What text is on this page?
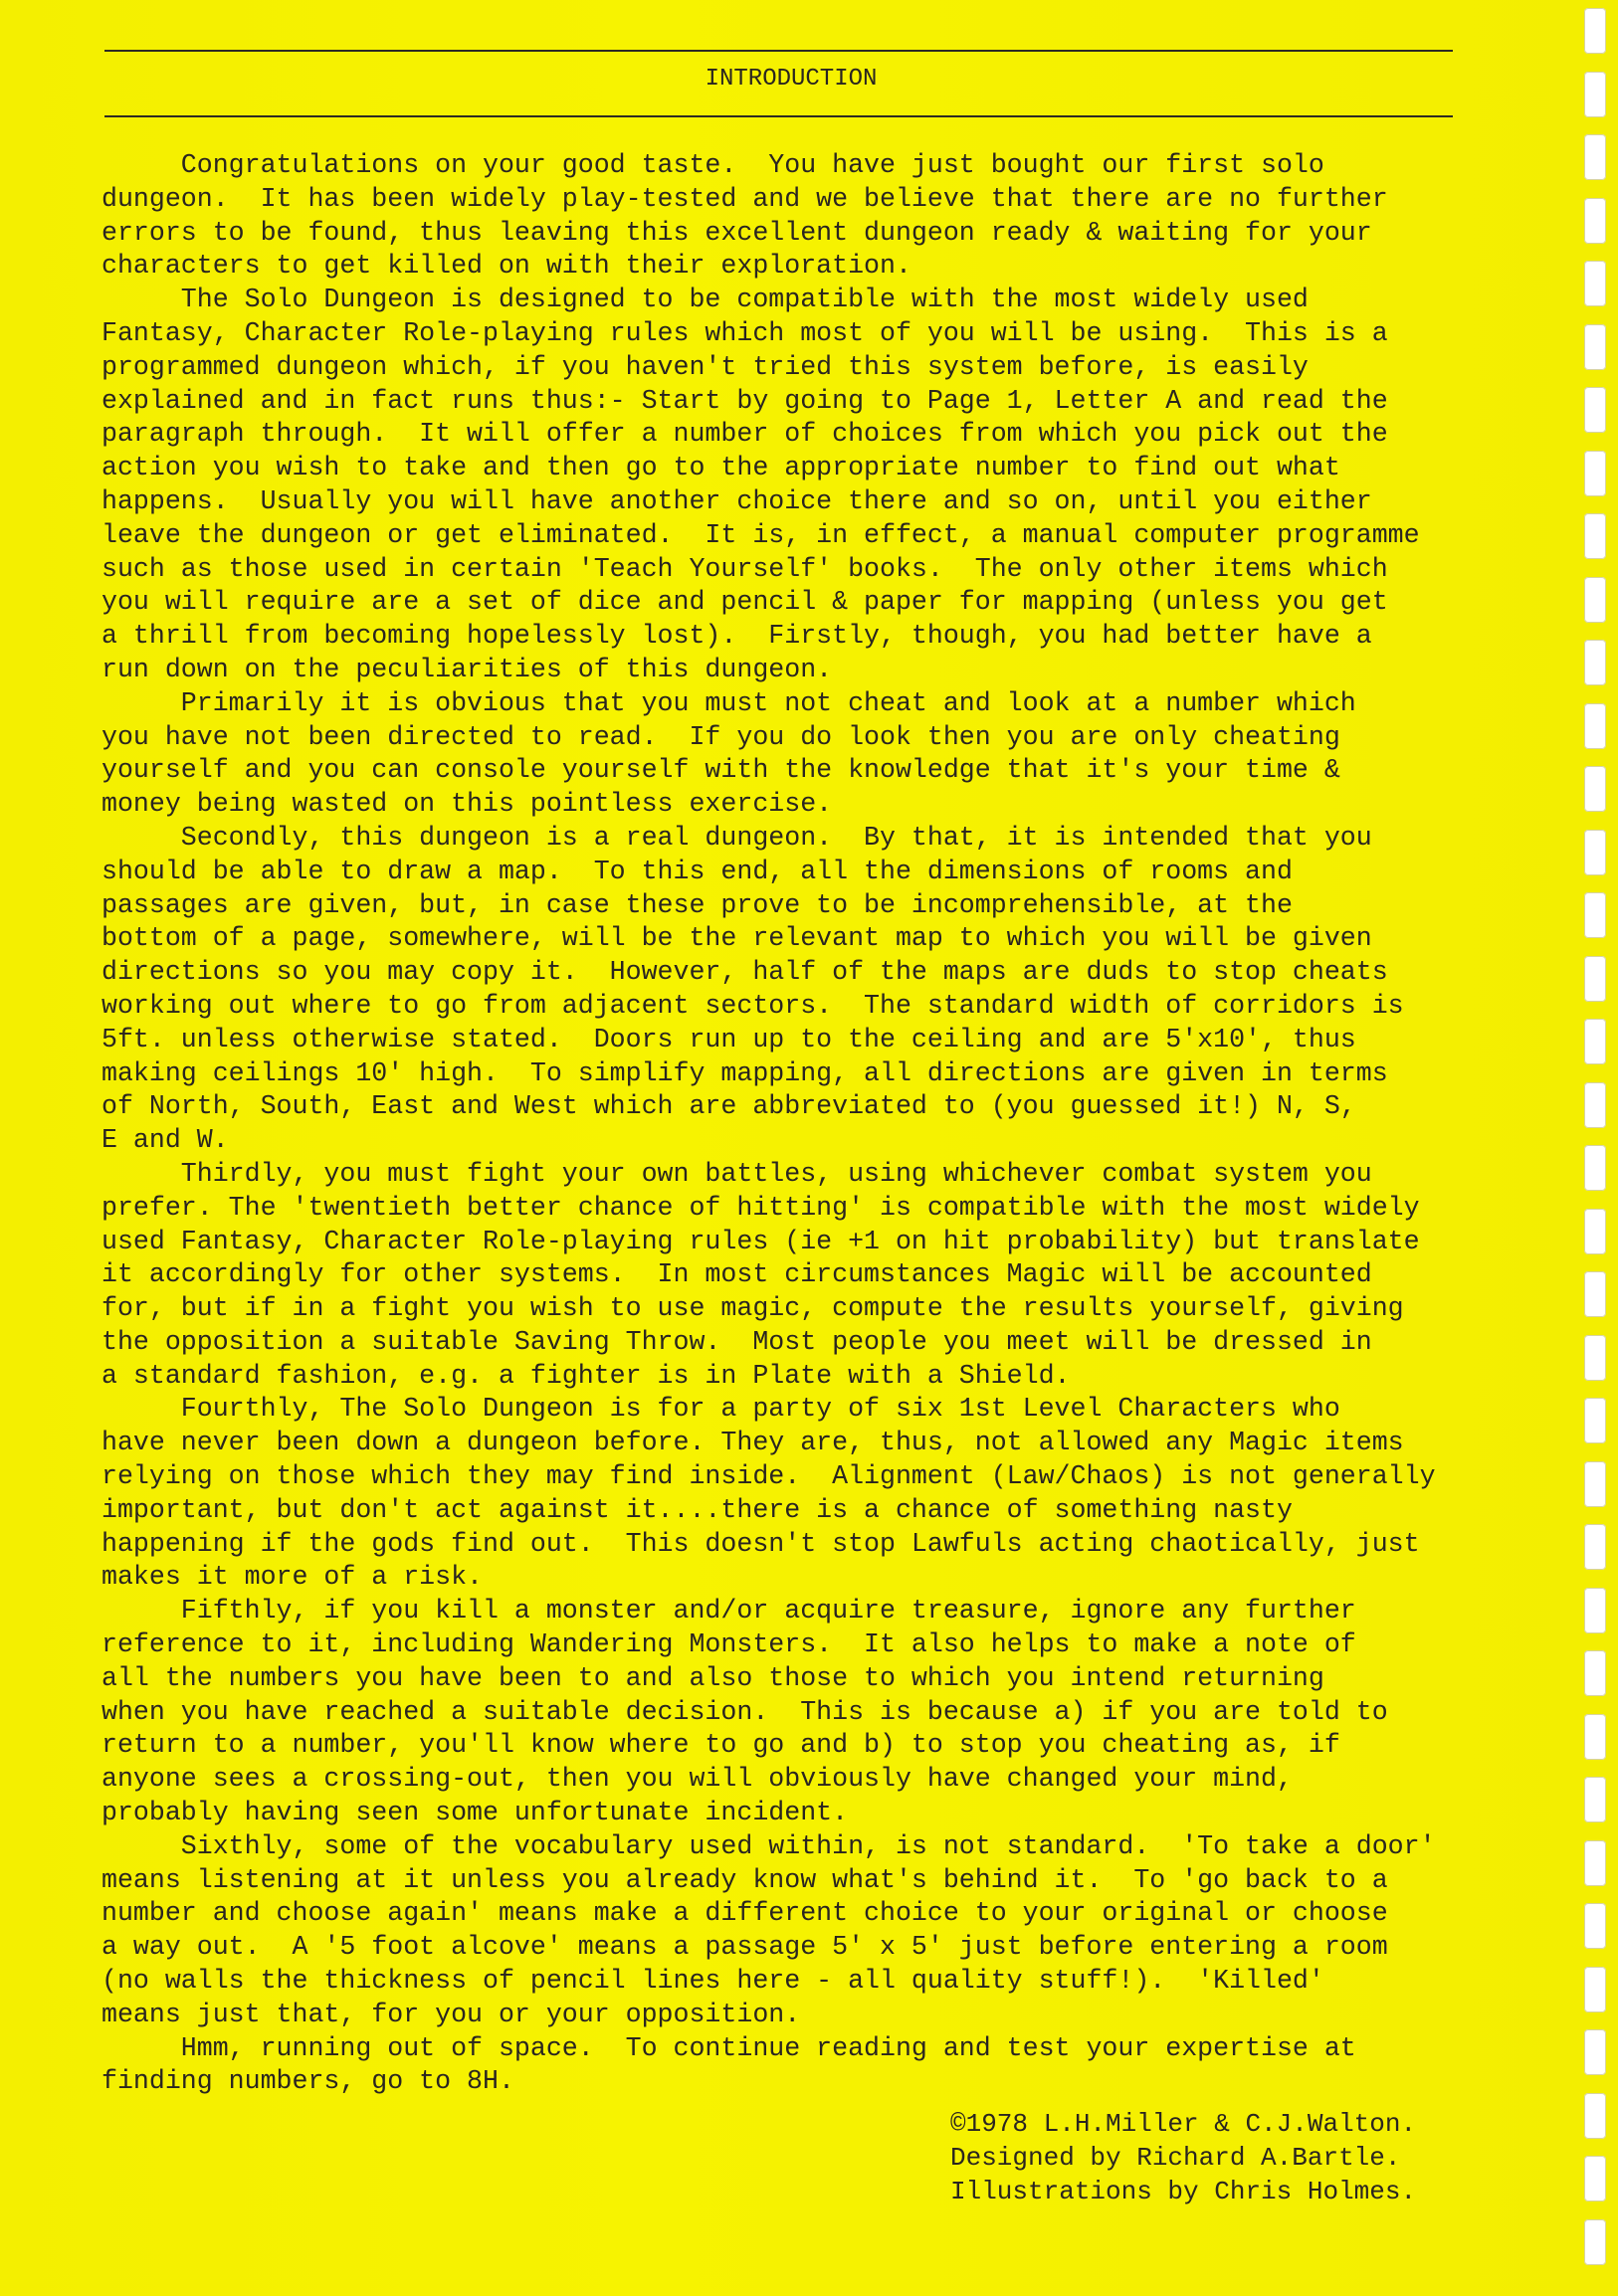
INTRODUCTION
Congratulations on your good taste.  You have just bought our first solo
dungeon.  It has been widely play-tested and we believe that there are no further
errors to be found, thus leaving this excellent dungeon ready & waiting for your
characters to get killed on with their exploration.
The Solo Dungeon is designed to be compatible with the most widely used
Fantasy, Character Role-playing rules which most of you will be using.  This is a
programmed dungeon which, if you haven't tried this system before, is easily
explained and in fact runs thus:- Start by going to Page 1, Letter A and read the
paragraph through.  It will offer a number of choices from which you pick out the
action you wish to take and then go to the appropriate number to find out what
happens.  Usually you will have another choice there and so on, until you either
leave the dungeon or get eliminated.  It is, in effect, a manual computer programme
such as those used in certain 'Teach Yourself' books.  The only other items which
you will require are a set of dice and pencil & paper for mapping (unless you get
a thrill from becoming hopelessly lost).  Firstly, though, you had better have a
run down on the peculiarities of this dungeon.
Primarily it is obvious that you must not cheat and look at a number which
you have not been directed to read.  If you do look then you are only cheating
yourself and you can console yourself with the knowledge that it's your time &
money being wasted on this pointless exercise.
Secondly, this dungeon is a real dungeon.  By that, it is intended that you
should be able to draw a map.  To this end, all the dimensions of rooms and
passages are given, but, in case these prove to be incomprehensible, at the
bottom of a page, somewhere, will be the relevant map to which you will be given
directions so you may copy it.  However, half of the maps are duds to stop cheats
working out where to go from adjacent sectors.  The standard width of corridors is
5ft. unless otherwise stated.  Doors run up to the ceiling and are 5'x10', thus
making ceilings 10' high.  To simplify mapping, all directions are given in terms
of North, South, East and West which are abbreviated to (you guessed it!) N, S,
E and W.
Thirdly, you must fight your own battles, using whichever combat system you
prefer. The 'twentieth better chance of hitting' is compatible with the most widely
used Fantasy, Character Role-playing rules (ie +1 on hit probability) but translate
it accordingly for other systems.  In most circumstances Magic will be accounted
for, but if in a fight you wish to use magic, compute the results yourself, giving
the opposition a suitable Saving Throw.  Most people you meet will be dressed in
a standard fashion, e.g. a fighter is in Plate with a Shield.
Fourthly, The Solo Dungeon is for a party of six 1st Level Characters who
have never been down a dungeon before. They are, thus, not allowed any Magic items
relying on those which they may find inside.  Alignment (Law/Chaos) is not generally
important, but don't act against it....there is a chance of something nasty
happening if the gods find out.  This doesn't stop Lawfuls acting chaotically, just
makes it more of a risk.
Fifthly, if you kill a monster and/or acquire treasure, ignore any further
reference to it, including Wandering Monsters.  It also helps to make a note of
all the numbers you have been to and also those to which you intend returning
when you have reached a suitable decision.  This is because a) if you are told to
return to a number, you'll know where to go and b) to stop you cheating as, if
anyone sees a crossing-out, then you will obviously have changed your mind,
probably having seen some unfortunate incident.
Sixthly, some of the vocabulary used within, is not standard.  'To take a door'
means listening at it unless you already know what's behind it.  To 'go back to a
number and choose again' means make a different choice to your original or choose
a way out.  A '5 foot alcove' means a passage 5' x 5' just before entering a room
(no walls the thickness of pencil lines here - all quality stuff!).  'Killed'
means just that, for you or your opposition.
Hmm, running out of space.  To continue reading and test your expertise at
finding numbers, go to 8H.
©1978 L.H.Miller & C.J.Walton.
Designed by Richard A.Bartle.
Illustrations by Chris Holmes.
